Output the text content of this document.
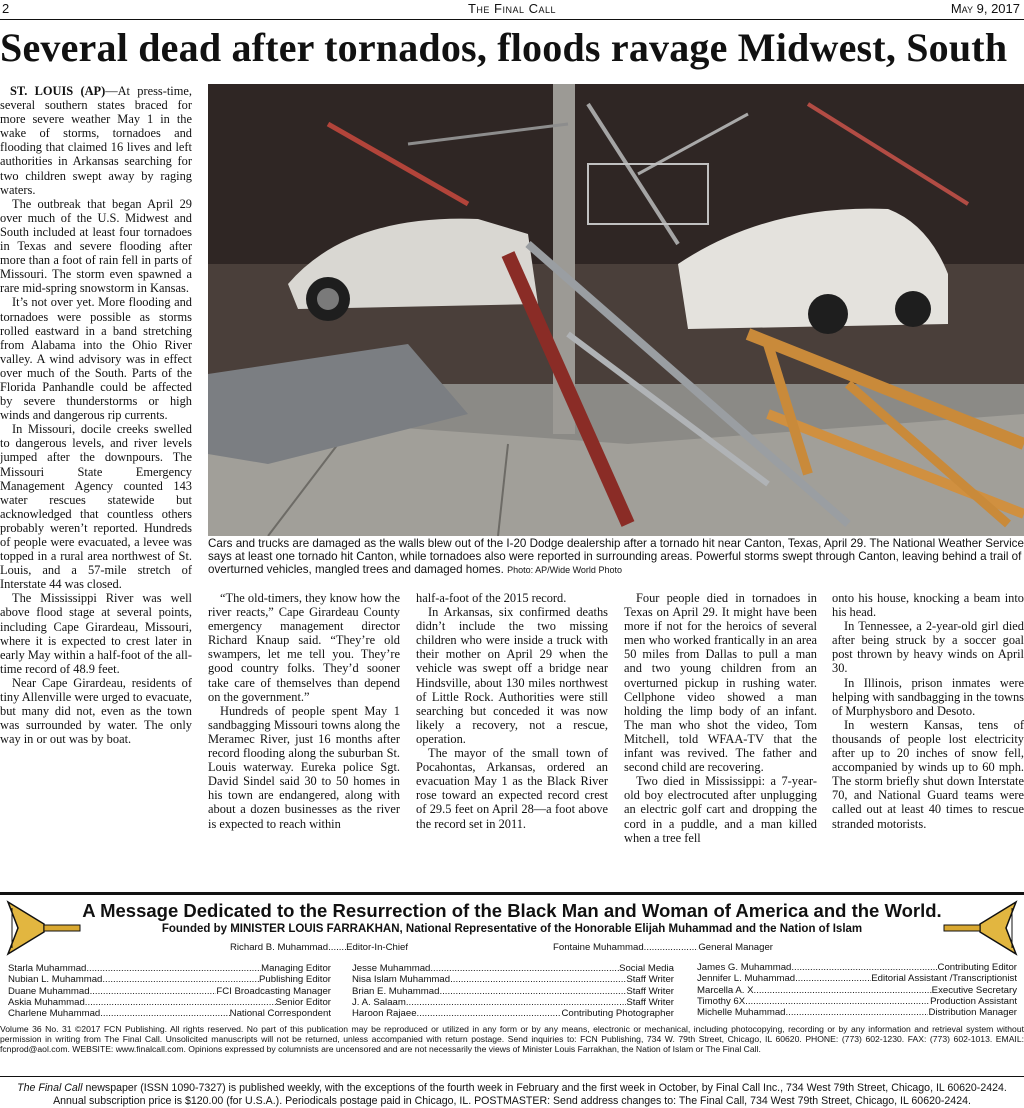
2	The Final Call	May 9, 2017
Several dead after tornados, floods ravage Midwest, South

ST. LOUIS (AP)—At press-time, several southern states braced for more severe weather May 1 in the wake of storms, tornadoes and flooding that claimed 16 lives and left authorities in Arkansas searching for two children swept away by raging waters.

The outbreak that began April 29 over much of the U.S. Midwest and South included at least four tornadoes in Texas and severe flooding after more than a foot of rain fell in parts of Missouri. The storm even spawned a rare mid-spring snowstorm in Kansas.

It’s not over yet. More flooding and tornadoes were possible as storms rolled eastward in a band stretching from Alabama into the Ohio River valley. A wind advisory was in effect over much of the South. Parts of the Florida Panhandle could be affected by severe thunderstorms or high winds and dangerous rip currents.

In Missouri, docile creeks swelled to dangerous levels, and river levels jumped after the downpours. The Missouri State Emergency Management Agency counted 143 water rescues statewide but acknowledged that countless others probably weren’t reported. Hundreds of people were evacuated, a levee was topped in a rural area northwest of St. Louis, and a 57-mile stretch of Interstate 44 was closed.

The Mississippi River was well above flood stage at several points, including Cape Girardeau, Missouri, where it is expected to crest later in early May within a half-foot of the all-time record of 48.9 feet.

Near Cape Girardeau, residents of tiny Allenville were urged to evacuate, but many did not, even as the town was surrounded by water. The only way in or out was by boat.

Cars and trucks are damaged as the walls blew out of the I-20 Dodge dealership after a tornado hit near Canton, Texas, April 29. The National Weather Service says at least one tornado hit Canton, while tornadoes also were reported in surrounding areas. Powerful storms swept through Canton, leaving behind a trail of overturned vehicles, mangled trees and damaged homes. Photo: AP/Wide World Photo

“The old-timers, they know how the river reacts,” Cape Girardeau County emergency management director Richard Knaup said. “They’re old swampers, let me tell you. They’re good country folks. They’d sooner take care of themselves than depend on the government.”

Hundreds of people spent May 1 sandbagging Missouri towns along the Meramec River, just 16 months after record flooding along the suburban St. Louis waterway. Eureka police Sgt. David Sindel said 30 to 50 homes in his town are endangered, along with about a dozen businesses as the river is expected to reach within

half-a-foot of the 2015 record.

In Arkansas, six confirmed deaths didn’t include the two missing children who were inside a truck with their mother on April 29 when the vehicle was swept off a bridge near Hindsville, about 130 miles northwest of Little Rock. Authorities were still searching but conceded it was now likely a recovery, not a rescue, operation.

The mayor of the small town of Pocahontas, Arkansas, ordered an evacuation May 1 as the Black River rose toward an expected record crest of 29.5 feet on April 28—a foot above the record set in 2011.

Four people died in tornadoes in Texas on April 29. It might have been more if not for the heroics of several men who worked frantically in an area 50 miles from Dallas to pull a man and two young children from an overturned pickup in rushing water. Cellphone video showed a man holding the limp body of an infant. The man who shot the video, Tom Mitchell, told WFAA-TV that the infant was revived. The father and second child are recovering.

Two died in Mississippi: a 7-year-old boy electrocuted after unplugging an electric golf cart and dropping the cord in a puddle, and a man killed when a tree fell

onto his house, knocking a beam into his head.

In Tennessee, a 2-year-old girl died after being struck by a soccer goal post thrown by heavy winds on April 30.

In Illinois, prison inmates were helping with sandbagging in the towns of Murphysboro and Desoto.

In western Kansas, tens of thousands of people lost electricity after up to 20 inches of snow fell, accompanied by winds up to 60 mph. The storm briefly shut down Interstate 70, and National Guard teams were called out at least 40 times to rescue stranded motorists.

A Message Dedicated to the Resurrection of the Black Man and Woman of America and the World.
Founded by MINISTER LOUIS FARRAKHAN, National Representative of the Honorable Elijah Muhammad and the Nation of Islam
Richard B. Muhammad ..... Editor-In-Chief	Fontaine Muhammad .....	General Manager
Starla Muhammad .....	Managing Editor
Nubian L. Muhammad .....	Publishing Editor
Duane Muhammad .....	FCI Broadcasting Manager
Askia Muhammad .....	Senior Editor
Charlene Muhammad .....	National Correspondent
Jesse Muhammad .....	Social Media
Nisa Islam Muhammad .....	Staff Writer
Brian E. Muhammad .....	Staff Writer
J. A. Salaam .....	Staff Writer
Haroon Rajaee .....	Contributing Photographer
James G. Muhammad .....	Contributing Editor
Jennifer L. Muhammad .....	Editorial Assistant /Transcriptionist
Marcella A. X. .....	Executive Secretary
Timothy 6X .....	Production Assistant
Michelle Muhammad .....	Distribution Manager
Volume 36 No. 31 ©2017 FCN Publishing. All rights reserved. No part of this publication may be reproduced or utilized in any form or by any means, electronic or mechanical, including photocopying, recording or by any information and retrieval system without permission in writing from The Final Call. Unsolicited manuscripts will not be returned, unless accompanied with return postage. Send inquiries to: FCN Publishing, 734 W. 79th Street, Chicago, IL 60620. PHONE: (773) 602-1230. FAX: (773) 602-1013. EMAIL: fcnprod@aol.com. WEBSITE: www.finalcall.com. Opinions expressed by columnists are uncensored and are not necessarily the views of Minister Louis Farrakhan, the Nation of Islam or The Final Call.
The Final Call newspaper (ISSN 1090-7327) is published weekly, with the exceptions of the fourth week in February and the first week in October, by Final Call Inc., 734 West 79th Street, Chicago, IL 60620-2424.
Annual subscription price is $120.00 (for U.S.A.). Periodicals postage paid in Chicago, IL. POSTMASTER: Send address changes to: The Final Call, 734 West 79th Street, Chicago, IL 60620-2424.
